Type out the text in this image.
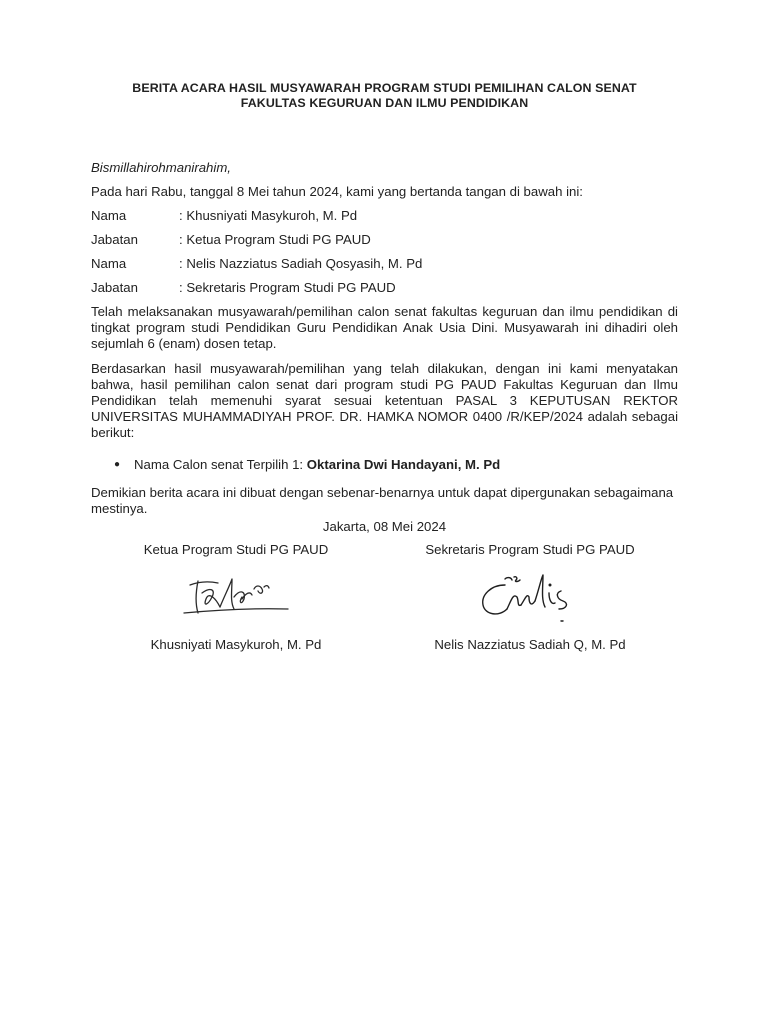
BERITA ACARA HASIL MUSYAWARAH PROGRAM STUDI PEMILIHAN CALON SENAT
FAKULTAS KEGURUAN DAN ILMU PENDIDIKAN

Bismillahirohmanirahim,

Pada hari Rabu, tanggal 8 Mei tahun 2024, kami yang bertanda tangan di bawah ini:

Nama	: Khusniyati Masykuroh, M. Pd
Jabatan	: Ketua Program Studi PG PAUD
Nama	: Nelis Nazziatus Sadiah Qosyasih, M. Pd
Jabatan	: Sekretaris Program Studi PG PAUD

Telah melaksanakan musyawarah/pemilihan calon senat fakultas keguruan dan ilmu pendidikan di tingkat program studi Pendidikan Guru Pendidikan Anak Usia Dini. Musyawarah ini dihadiri oleh sejumlah 6 (enam) dosen tetap.

Berdasarkan hasil musyawarah/pemilihan yang telah dilakukan, dengan ini kami menyatakan bahwa, hasil pemilihan calon senat dari program studi PG PAUD Fakultas Keguruan dan Ilmu Pendidikan telah memenuhi syarat sesuai ketentuan PASAL 3 KEPUTUSAN REKTOR UNIVERSITAS MUHAMMADIYAH PROF. DR. HAMKA NOMOR 0400 /R/KEP/2024 adalah sebagai berikut:

●	Nama Calon senat Terpilih 1: Oktarina Dwi Handayani, M. Pd

Demikian berita acara ini dibuat dengan sebenar-benarnya untuk dapat dipergunakan sebagaimana mestinya.

Jakarta, 08 Mei 2024
Ketua Program Studi PG PAUD
Khusniyati Masykuroh, M. Pd
Sekretaris Program Studi PG PAUD
Nelis Nazziatus Sadiah Q, M. Pd
